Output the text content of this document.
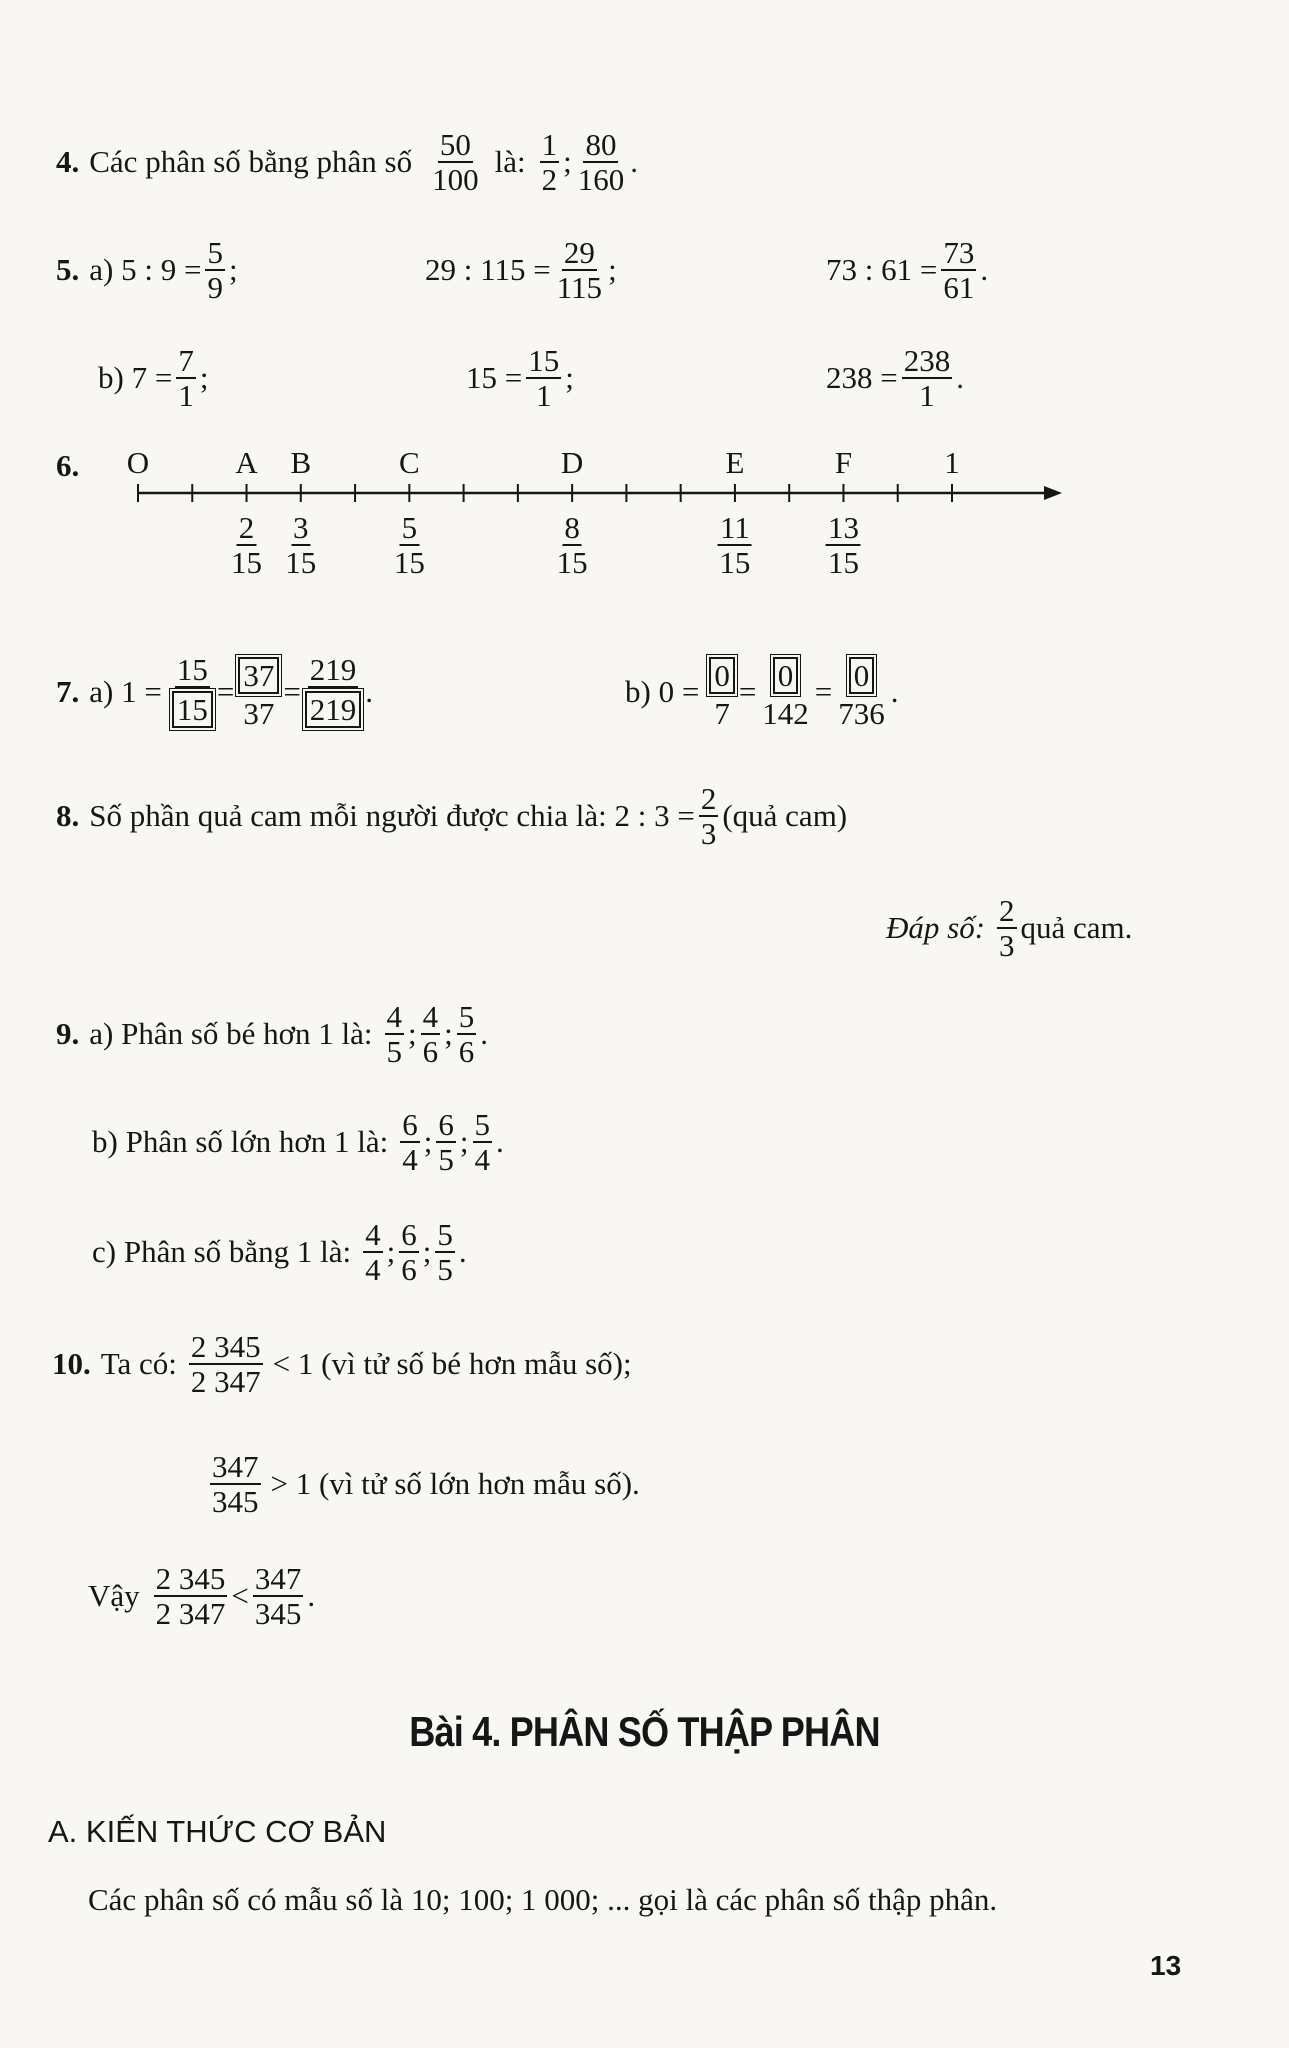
4. Các phân số bằng phân số $\frac{50}{100}$ là: $\frac{1}{2}$ ; $\frac{80}{160}$ .
5. a) 5 : $9 = \frac{5}{9}$ ;	29 : $115 = \frac{29}{115}$ ;	73 : $61 = \frac{73}{61}$ .
b) $7 = \frac{7}{1}$ ;	$15 = \frac{15}{1}$ ;	$238 = \frac{238}{1}$ .
6. O	A B	C	D	E	F	1
$\frac{2}{15} \frac{3}{15} \frac{5}{15}$	$\frac{8}{15}$	$\frac{11}{15} \frac{13}{15}$
7. a) $1 = \frac{15}{15} = \frac{37}{37} = \frac{219}{219}$ .	b) $0 = \frac{0}{7} = \frac{0}{142} = \frac{0}{736}$ .
8. Số phần quả cam mỗi người được chia là: 2 : $3 = \frac{2}{3}$ (quả cam)
Đáp số: $\frac{2}{3}$ quả cam.
9. a) Phân số bé hơn 1 là: $\frac{4}{5}$ ; $\frac{4}{6}$ ; $\frac{5}{6}$ .
b) Phân số lớn hơn 1 là: $\frac{6}{4}$ ; $\frac{6}{5}$ ; $\frac{5}{4}$ .
c) Phân số bằng 1 là: $\frac{4}{4}$ ; $\frac{6}{6}$ ; $\frac{5}{5}$ .
10. Ta có: $\frac{2 345}{2 347} < 1$ (vì tử số bé hơn mẫu số);
$\frac{347}{345} > 1$ (vì tử số lớn hơn mẫu số).
Vậy $\frac{2 345}{2 347} < \frac{347}{345}$ .
Bài 4. PHÂN SỐ THẬP PHÂN
A. KIẾN THỨC CƠ BẢN
Các phân số có mẫu số là 10; 100; 1 000; ... gọi là các phân số thập phân.
13
